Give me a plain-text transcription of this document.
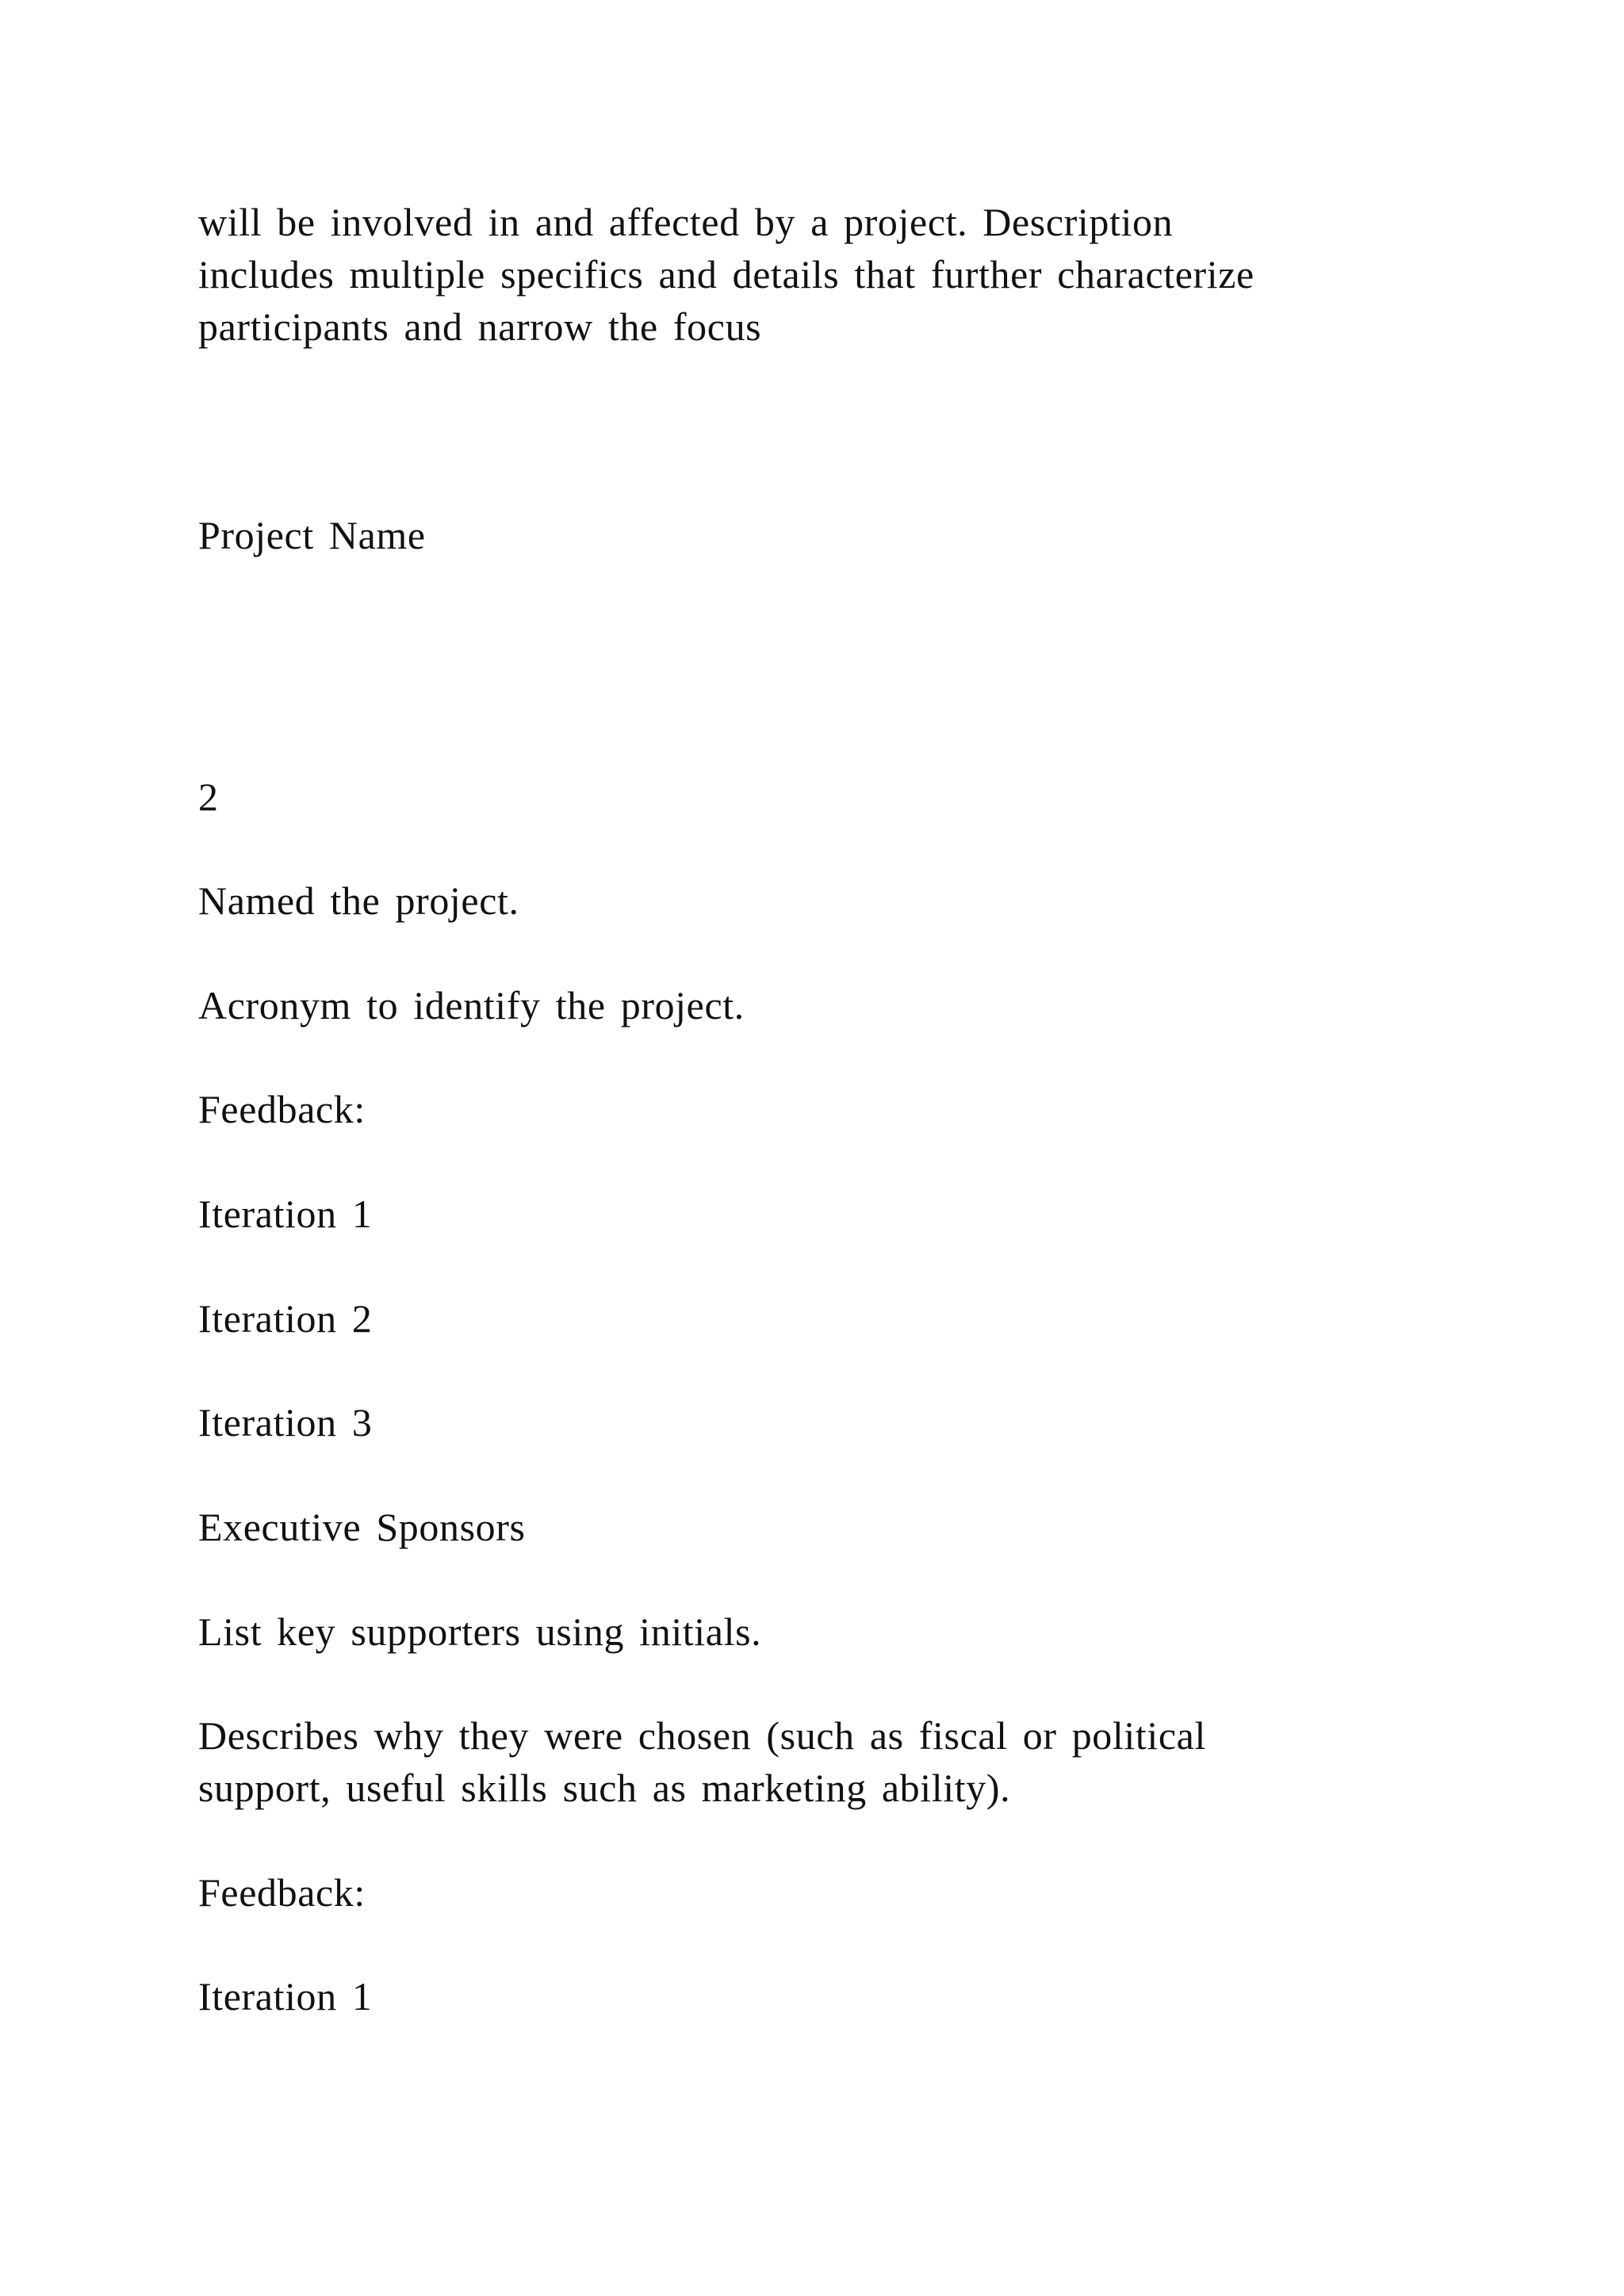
will be involved in and affected by a project. Description

includes multiple specifics and details that further characterize

participants and narrow the focus

Project Name

2

Named the project.

Acronym to identify the project.

Feedback:

Iteration 1

Iteration 2

Iteration 3

Executive Sponsors

List key supporters using initials.

Describes why they were chosen (such as fiscal or political

support, useful skills such as marketing ability).

Feedback:

Iteration 1
